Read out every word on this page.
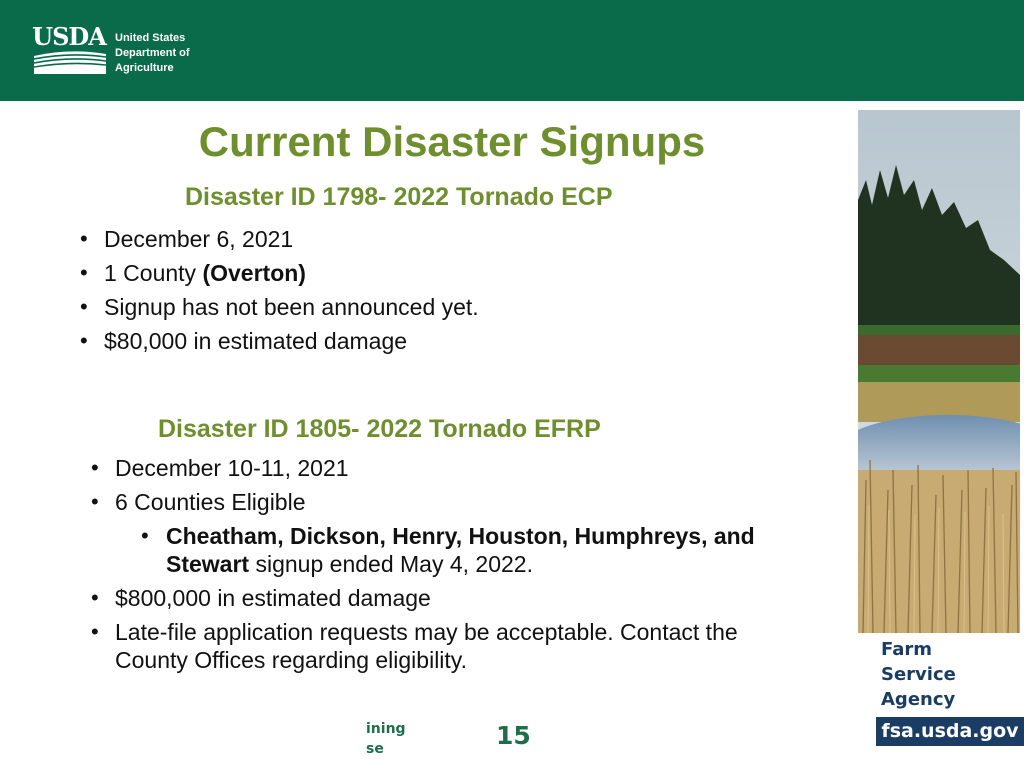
USDA United States
Department of
Agriculture
Current Disaster Signups
Disaster ID 1798- 2022 Tornado ECP
• December 6, 2021
• 1 County (Overton)
• Signup has not been announced yet.
• $80,000 in estimated damage
Disaster ID 1805- 2022 Tornado EFRP
• December 10-11, 2021
• 6 Counties Eligible
• Cheatham, Dickson, Henry, Houston, Humphreys, and
Stewart signup ended May 4, 2022.
• $800,000 in estimated damage
• Late-file application requests may be acceptable. Contact the County Offices regarding eligibility.	Farm
Service
Agency
fsa.usda.gov
ining
se	15
